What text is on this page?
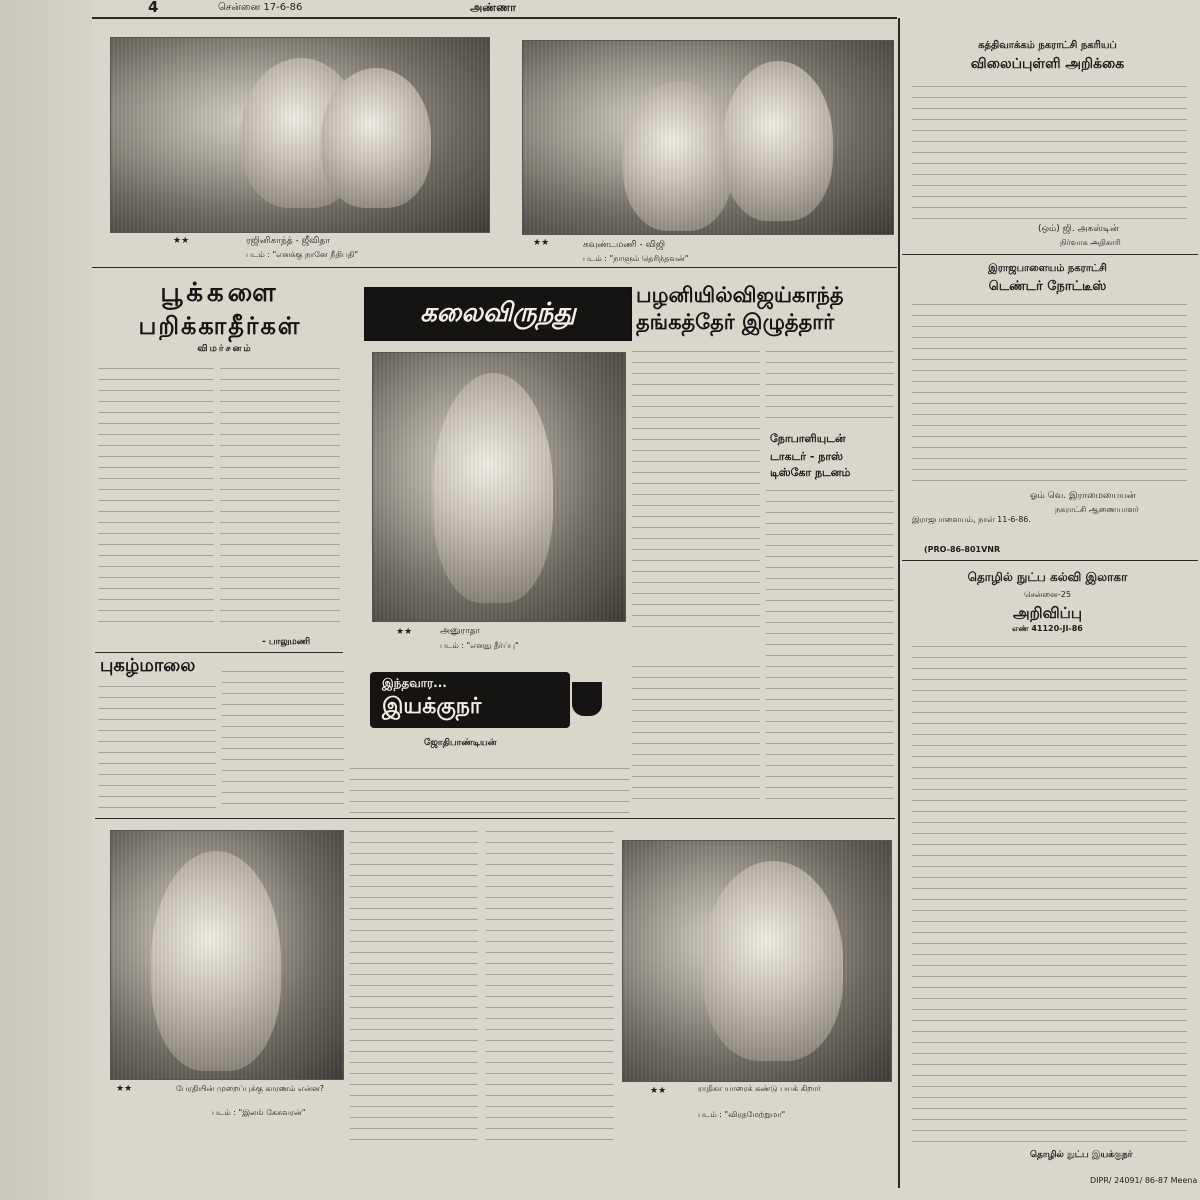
4	சென்னை 17-6-86	அண்ணா
★★	ரஜினிகாந்த் - ஜீவிதா
படம் : "எனக்கு நானே நீதிபதி"
★★	கவுண்டமணி - விஜி
படம் : "நாளும் தெரிந்தவன்"
பூக்களை
பறிக்காதீர்கள்
விமர்சனம்
- பாலுமணி
கலைவிருந்து
★★	அனுராதா
படம் : "எனது தீர்ப்பு"
பழனியில்விஜய்காந்த்
தங்கத்தேர் இழுத்தார்
நோபாளியுடன்
டாகடர் - நாஸ்
டிஸ்கோ நடனம்
புகழ்மாலை
இந்தவார...
இயக்குநர்
ஜோதிபாண்டியன்
★★	பேரதியின் முறைப்புக்கு காரணம் என்ன?
படம் : "இலங் கேசுவரன்"
★★	ராதிகா யாரைக் கண்டு பயக் கிறார்
படம் : "விரதமேற்றுமா"
கத்திவாக்கம் நகராட்சி நகரியப்
விலைப்புள்ளி அறிக்கை
(ஒம்) ஜி. அகஸ்டின்
நிர்வாக அதிகாரி
இராஜபாளையம் நகராட்சி
டெண்டர் நோட்டீஸ்
ஓம் வெ. இராமையையன்
நகராட்சி ஆணையாளர்
இராஜபாளையம், நாள் 11-6-86.
(PRO-86-801VNR
தொழில் நுட்ப கல்வி இலாகா
சென்னை-25
அறிவிப்பு
எண் 41120-JI-86
தொழில் நுட்ப இயக்குநர்
DIPR/ 24091/ 86-87 Meena
